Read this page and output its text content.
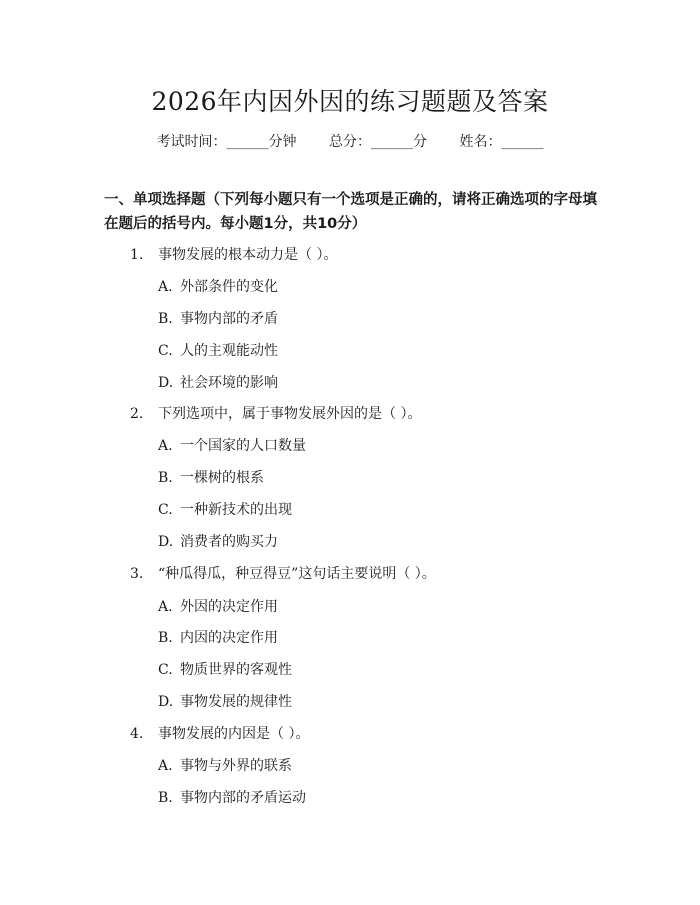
2026年内因外因的练习题题及答案
考试时间：______分钟 总分：______分 姓名：______
一、单项选择题（下列每小题只有一个选项是正确的，请将正确选项的字母填在题后的括号内。每小题1分，共10分）
1. 事物发展的根本动力是（ ）。
A. 外部条件的变化
B. 事物内部的矛盾
C. 人的主观能动性
D. 社会环境的影响
2. 下列选项中，属于事物发展外因的是（ ）。
A. 一个国家的人口数量
B. 一棵树的根系
C. 一种新技术的出现
D. 消费者的购买力
3. “种瓜得瓜，种豆得豆”这句话主要说明（ ）。
A. 外因的决定作用
B. 内因的决定作用
C. 物质世界的客观性
D. 事物发展的规律性
4. 事物发展的内因是（ ）。
A. 事物与外界的联系
B. 事物内部的矛盾运动
